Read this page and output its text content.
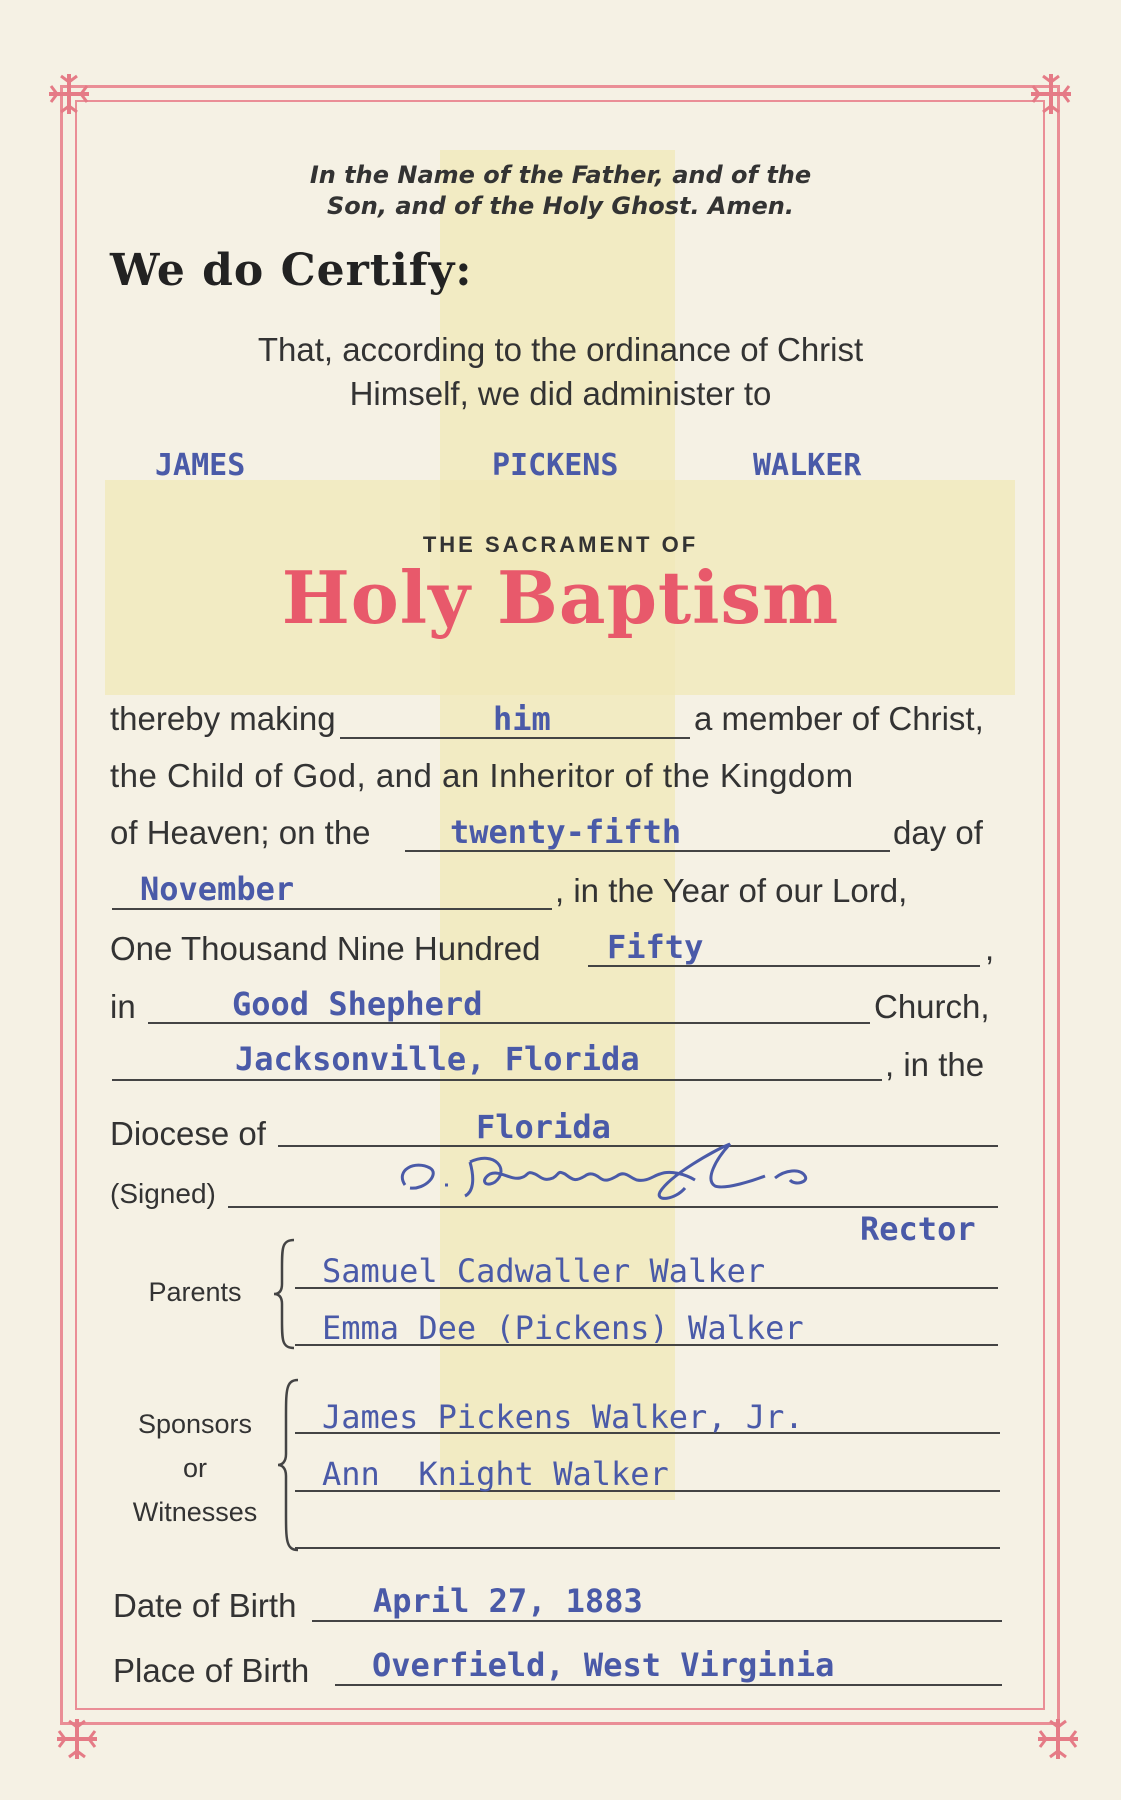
In the Name of the Father, and of the
Son, and of the Holy Ghost. Amen.
We do Certify:
That, according to the ordinance of Christ
Himself, we did administer to
JAMES	PICKENS	WALKER
THE SACRAMENT OF
Holy Baptism
thereby making	him	a member of Christ,
the Child of God, and an Inheritor of the Kingdom
of Heaven; on the twenty-fifth	day of
November	, in the Year of our Lord,
One Thousand Nine Hundred Fifty	,
in	Good Shepherd	Church,
Jacksonville, Florida	, in the
Diocese of	Florida
(Signed)
Rector
Parents
Samuel Cadwaller Walker
Emma Dee (Pickens) Walker
Sponsors
or
Witnesses
James Pickens Walker, Jr.
Ann  Knight Walker
Date of Birth April 27, 1883
Place of Birth Overfield, West Virginia
